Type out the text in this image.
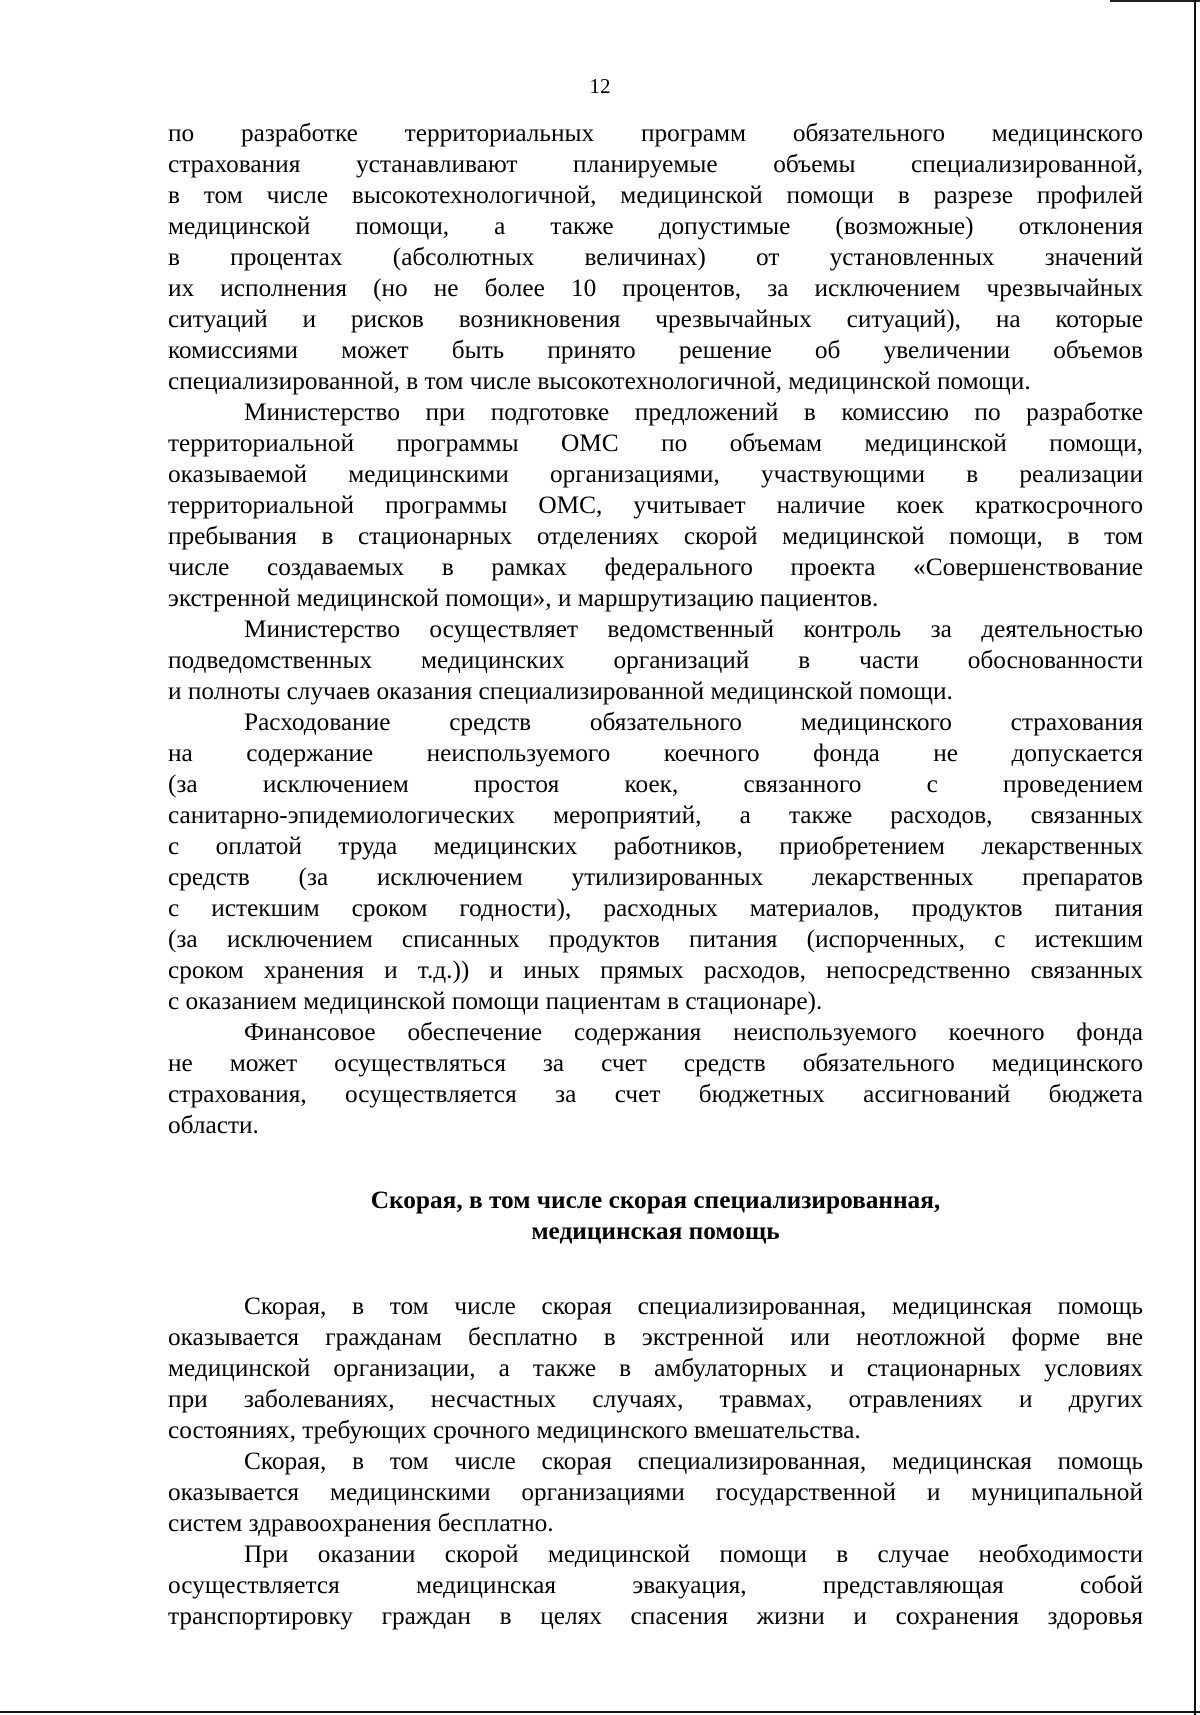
12
по разработке территориальных программ обязательного медицинского
страхования устанавливают планируемые объемы специализированной,
в том числе высокотехнологичной, медицинской помощи в разрезе профилей
медицинской помощи, а также допустимые (возможные) отклонения
в процентах (абсолютных величинах) от установленных значений
их исполнения (но не более 10 процентов, за исключением чрезвычайных
ситуаций и рисков возникновения чрезвычайных ситуаций), на которые
комиссиями может быть принято решение об увеличении объемов
специализированной, в том числе высокотехнологичной, медицинской помощи.
Министерство при подготовке предложений в комиссию по разработке
территориальной программы ОМС по объемам медицинской помощи,
оказываемой медицинскими организациями, участвующими в реализации
территориальной программы ОМС, учитывает наличие коек краткосрочного
пребывания в стационарных отделениях скорой медицинской помощи, в том
числе создаваемых в рамках федерального проекта «Совершенствование
экстренной медицинской помощи», и маршрутизацию пациентов.
Министерство осуществляет ведомственный контроль за деятельностью
подведомственных медицинских организаций в части обоснованности
и полноты случаев оказания специализированной медицинской помощи.
Расходование средств обязательного медицинского страхования
на содержание неиспользуемого коечного фонда не допускается
(за исключением простоя коек, связанного с проведением
санитарно-эпидемиологических мероприятий, а также расходов, связанных
с оплатой труда медицинских работников, приобретением лекарственных
средств (за исключением утилизированных лекарственных препаратов
с истекшим сроком годности), расходных материалов, продуктов питания
(за исключением списанных продуктов питания (испорченных, с истекшим
сроком хранения и т.д.)) и иных прямых расходов, непосредственно связанных
с оказанием медицинской помощи пациентам в стационаре).
Финансовое обеспечение содержания неиспользуемого коечного фонда
не может осуществляться за счет средств обязательного медицинского
страхования, осуществляется за счет бюджетных ассигнований бюджета
области.
Скорая, в том числе скорая специализированная,
медицинская помощь
Скорая, в том числе скорая специализированная, медицинская помощь
оказывается гражданам бесплатно в экстренной или неотложной форме вне
медицинской организации, а также в амбулаторных и стационарных условиях
при заболеваниях, несчастных случаях, травмах, отравлениях и других
состояниях, требующих срочного медицинского вмешательства.
Скорая, в том числе скорая специализированная, медицинская помощь
оказывается медицинскими организациями государственной и муниципальной
систем здравоохранения бесплатно.
При оказании скорой медицинской помощи в случае необходимости
осуществляется медицинская эвакуация, представляющая собой
транспортировку граждан в целях спасения жизни и сохранения здоровья
